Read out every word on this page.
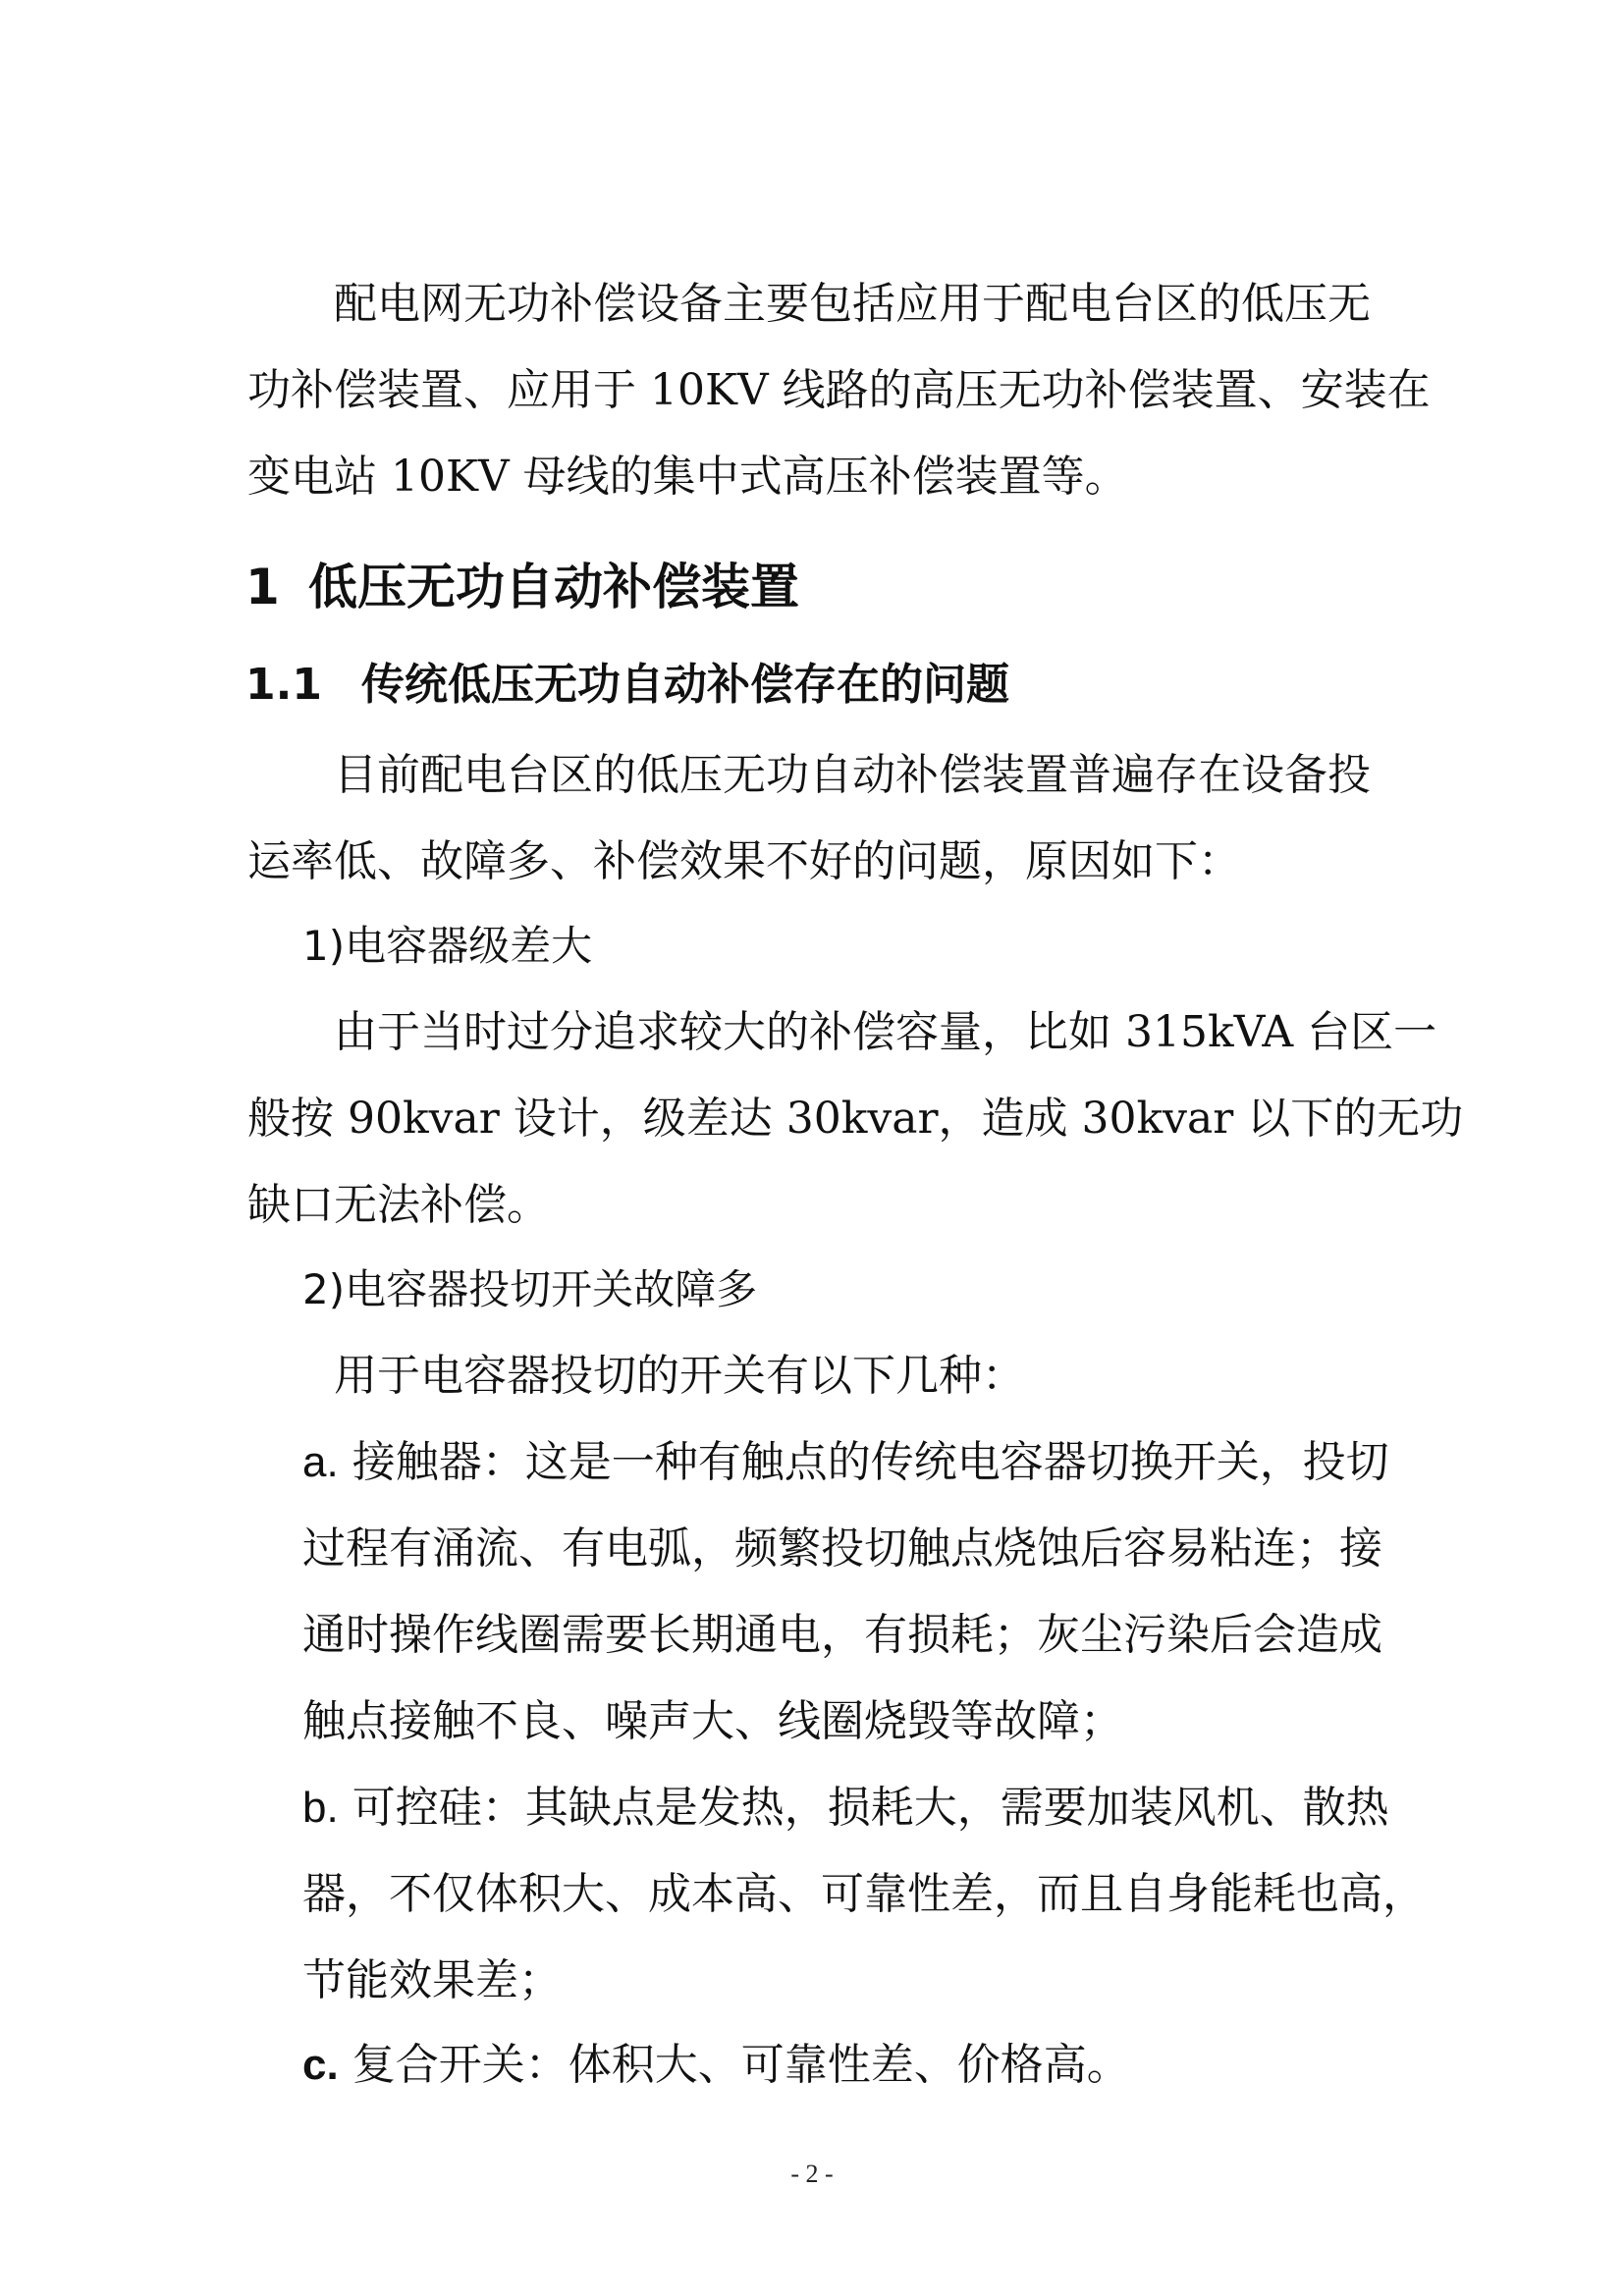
配电网无功补偿设备主要包括应用于配电台区的低压无
功补偿装置、应用于 10KV 线路的高压无功补偿装置、安装在
变电站 10KV 母线的集中式高压补偿装置等。
1 低压无功自动补偿装置
1.1 传统低压无功自动补偿存在的问题
目前配电台区的低压无功自动补偿装置普遍存在设备投
运率低、故障多、补偿效果不好的问题，原因如下：
1)电容器级差大
由于当时过分追求较大的补偿容量，比如 315kVA 台区一
般按 90kvar 设计，级差达 30kvar，造成 30kvar 以下的无功
缺口无法补偿。
2)电容器投切开关故障多
用于电容器投切的开关有以下几种：
a. 接触器：这是一种有触点的传统电容器切换开关，投切
过程有涌流、有电弧，频繁投切触点烧蚀后容易粘连；接
通时操作线圈需要长期通电，有损耗；灰尘污染后会造成
触点接触不良、噪声大、线圈烧毁等故障；
b. 可控硅：其缺点是发热，损耗大，需要加装风机、散热
器，不仅体积大、成本高、可靠性差，而且自身能耗也高，
节能效果差；
c. 复合开关：体积大、可靠性差、价格高。
- 2 -
